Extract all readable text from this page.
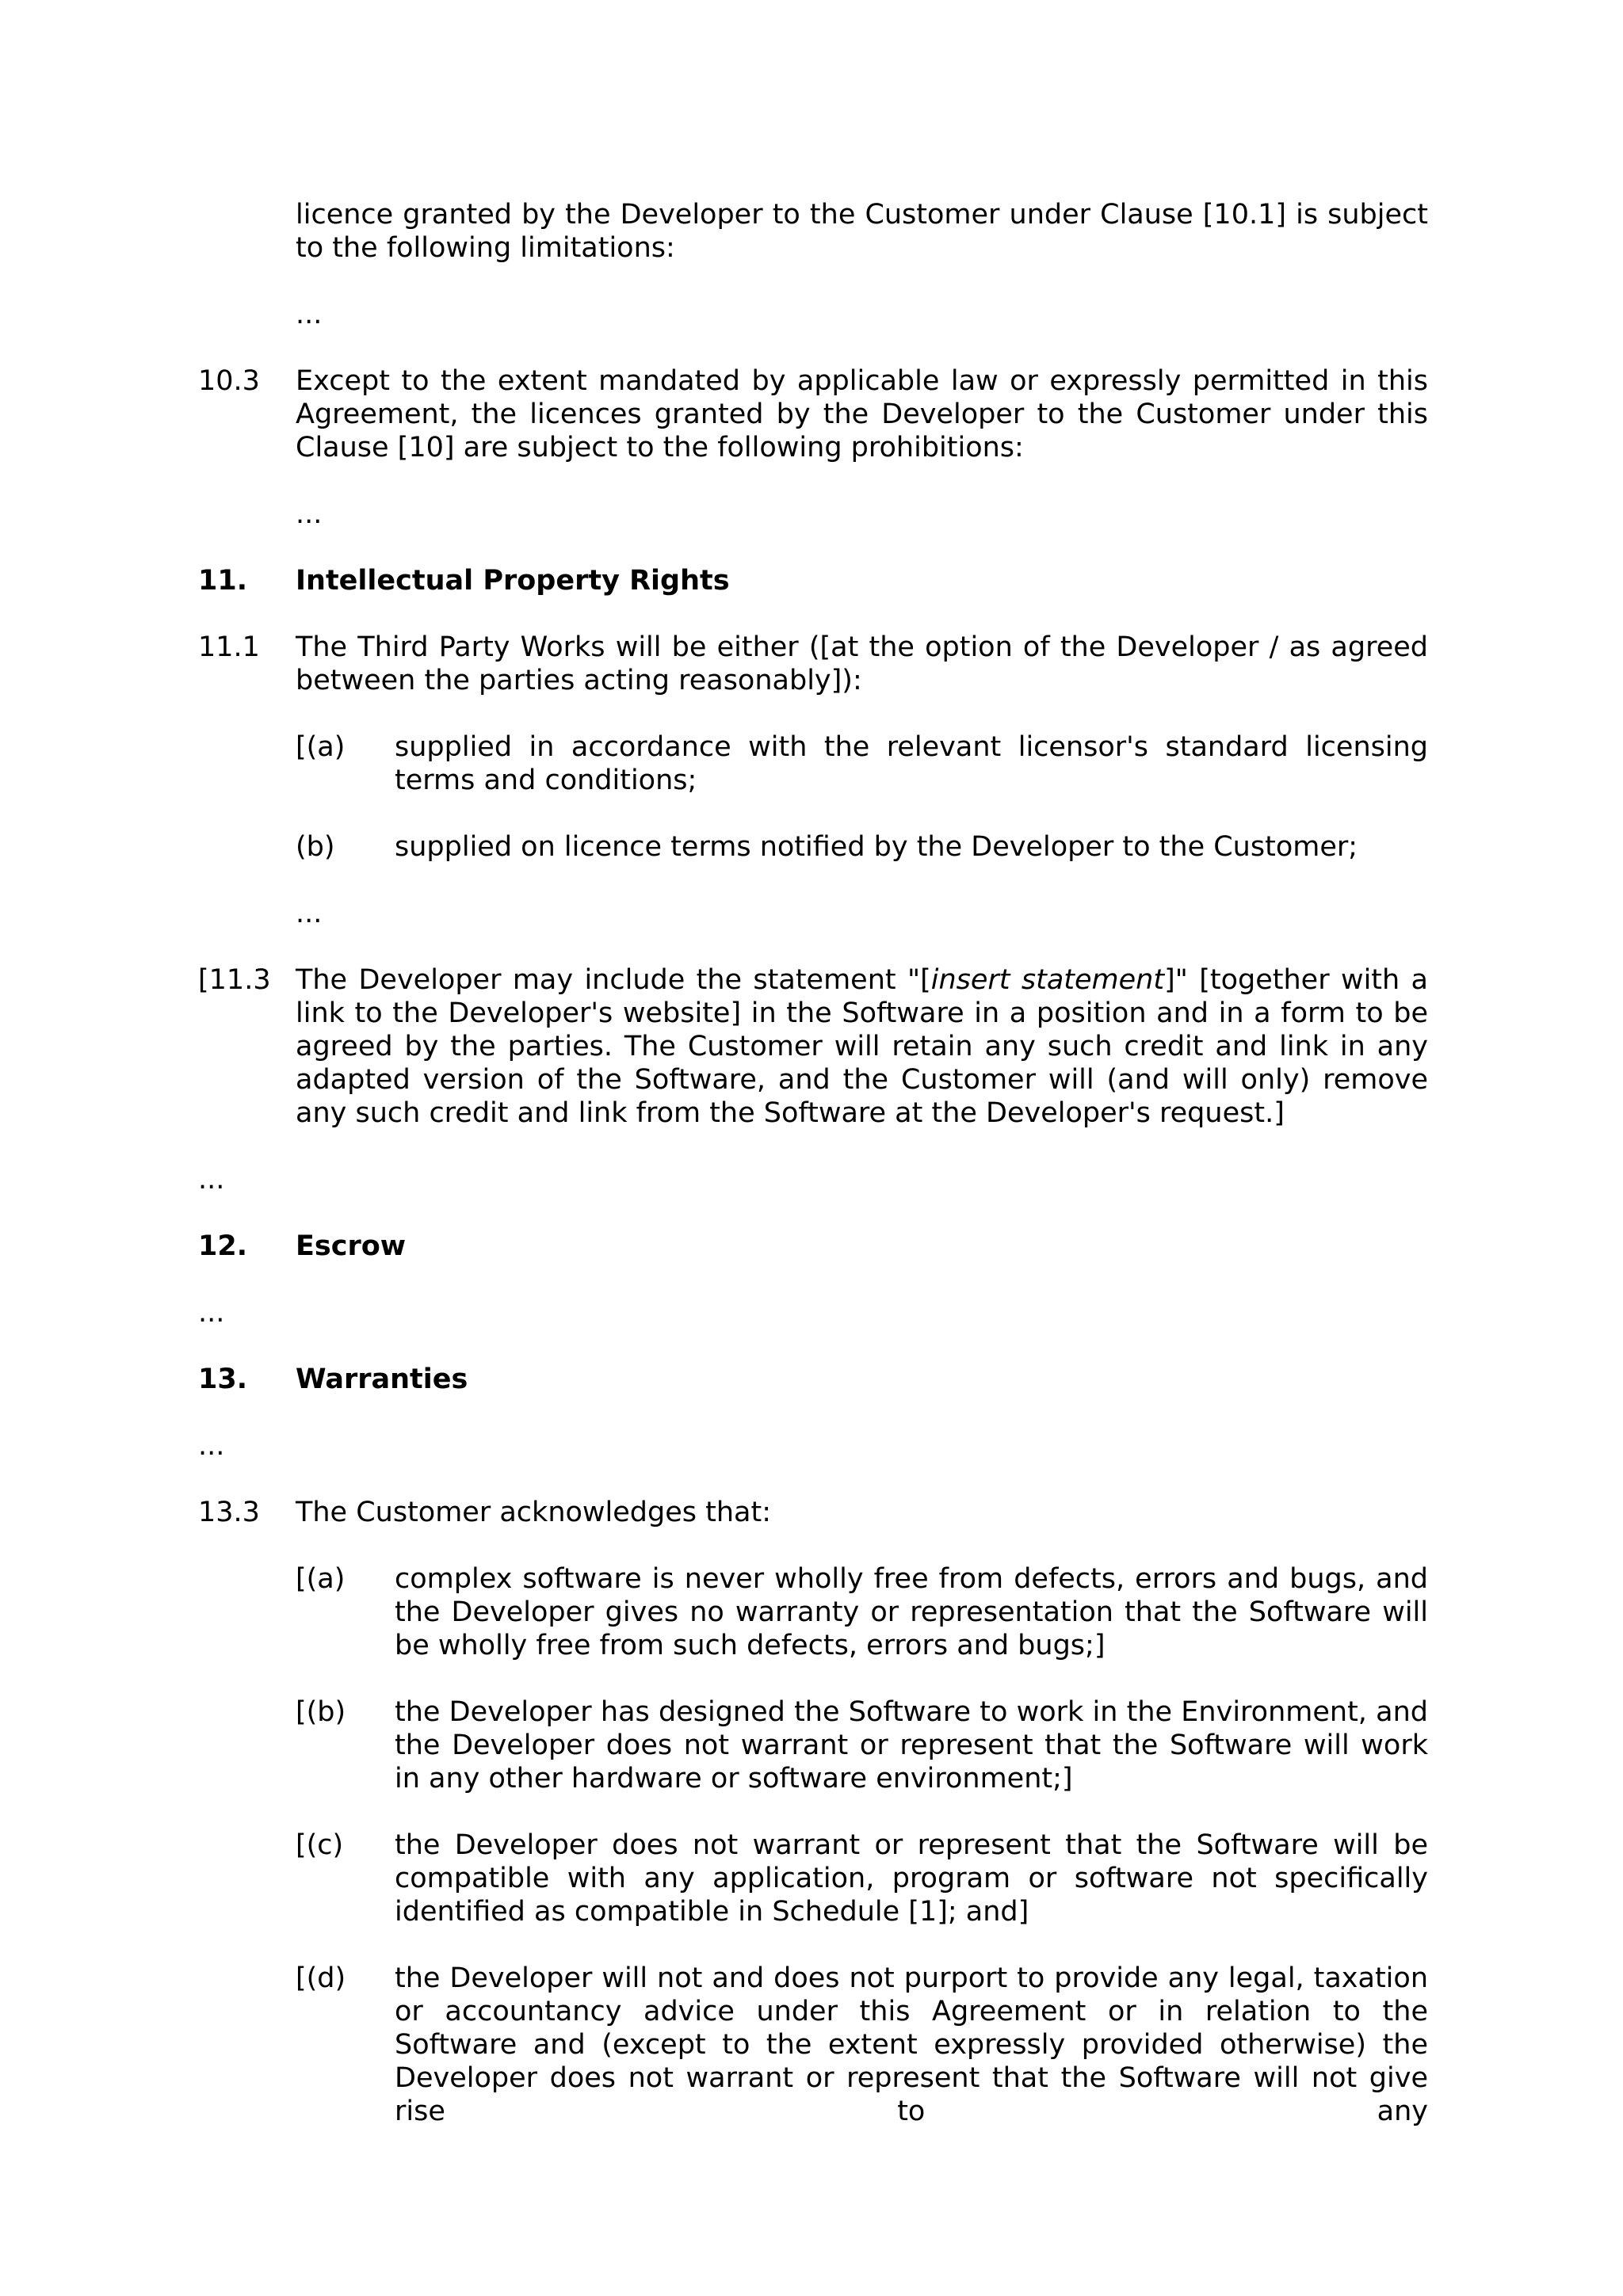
licence granted by the Developer to the Customer under Clause [10.1] is subject to the following limitations:

...

10.3 Except to the extent mandated by applicable law or expressly permitted in this Agreement, the licences granted by the Developer to the Customer under this Clause [10] are subject to the following prohibitions:

...

11. Intellectual Property Rights

11.1 The Third Party Works will be either ([at the option of the Developer / as agreed between the parties acting reasonably]):

[(a) supplied in accordance with the relevant licensor's standard licensing terms and conditions;

(b) supplied on licence terms notified by the Developer to the Customer;

...

[11.3 The Developer may include the statement "[insert statement]" [together with a link to the Developer's website] in the Software in a position and in a form to be agreed by the parties. The Customer will retain any such credit and link in any adapted version of the Software, and the Customer will (and will only) remove any such credit and link from the Software at the Developer's request.]

...

12. Escrow

...

13. Warranties

...

13.3 The Customer acknowledges that:

[(a) complex software is never wholly free from defects, errors and bugs, and the Developer gives no warranty or representation that the Software will be wholly free from such defects, errors and bugs;]

[(b) the Developer has designed the Software to work in the Environment, and the Developer does not warrant or represent that the Software will work in any other hardware or software environment;]

[(c) the Developer does not warrant or represent that the Software will be compatible with any application, program or software not specifically identified as compatible in Schedule [1]; and]

[(d) the Developer will not and does not purport to provide any legal, taxation or accountancy advice under this Agreement or in relation to the Software and (except to the extent expressly provided otherwise) the Developer does not warrant or represent that the Software will not give rise to any
